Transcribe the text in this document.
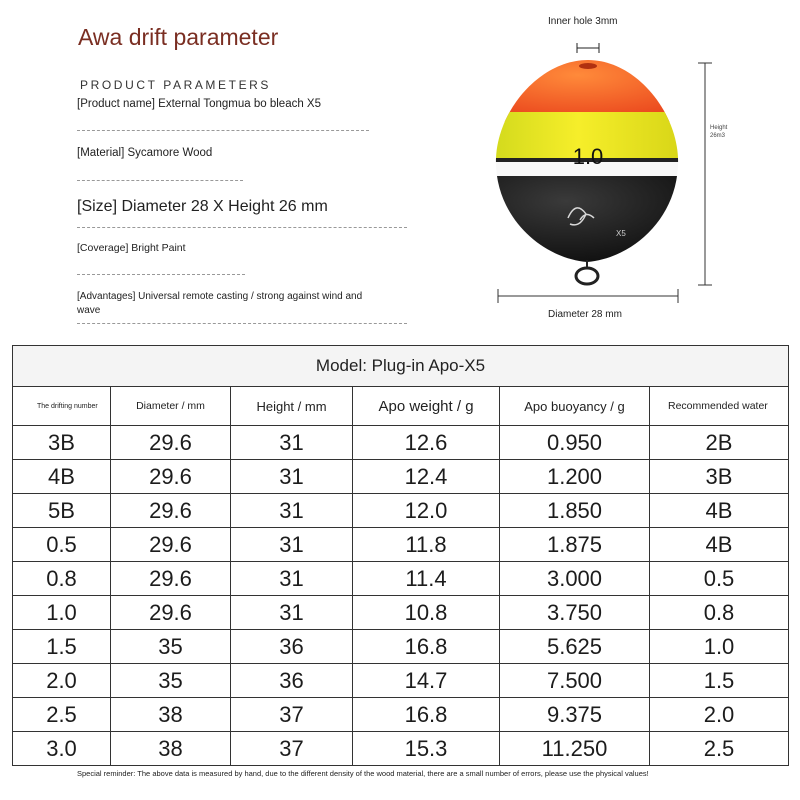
Awa drift parameter
PRODUCT PARAMETERS
[Product name] External Tongmua bo bleach X5
[Material] Sycamore Wood
[Size] Diameter 28 X Height 26 mm
[Coverage] Bright Paint
[Advantages] Universal remote casting / strong against wind and wave
Inner hole 3mm
1.0
X5
Height
26m3
Diameter 28 mm
Model: Plug-in Apo-X5					
The drifting number	Diameter / mm	Height / mm	Apo weight / g	Apo buoyancy / g	Recommended water
3B	29.6	31	12.6	0.950	2B
4B	29.6	31	12.4	1.200	3B
5B	29.6	31	12.0	1.850	4B
0.5	29.6	31	11.8	1.875	4B
0.8	29.6	31	11.4	3.000	0.5
1.0	29.6	31	10.8	3.750	0.8
1.5	35	36	16.8	5.625	1.0
2.0	35	36	14.7	7.500	1.5
2.5	38	37	16.8	9.375	2.0
3.0	38	37	15.3	11.250	2.5
Special reminder: The above data is measured by hand, due to the different density of the wood material, there are a small number of errors, please use the physical values!
